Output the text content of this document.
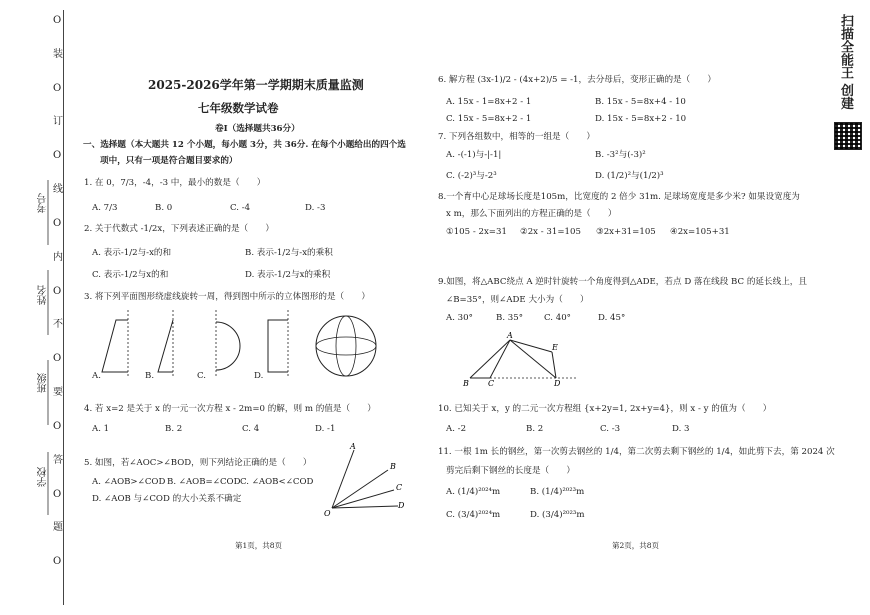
O
装
O
订
O
线
O
内
O
不
O
要
O
答
O
题
O
考号
姓名
班级
学校
扫描全能王 创建
2025-2026学年第一学期期末质量监测
七年级数学试卷
卷Ⅰ（选择题共36分）
一、选择题（本大题共 12 个小题，每小题 3分，共 36分. 在每个小题给出的四个选
项中，只有一项是符合题目要求的）
1. 在 0，7/3，-4，-3 中，最小的数是（　　）
A. 7/3	B. 0	C. -4	D. -3
2. 关于代数式 -1/2x，下列表述正确的是（　　）
A. 表示-1/2与-x的和	B. 表示-1/2与-x的乘积
C. 表示-1/2与x的和	D. 表示-1/2与x的乘积
3. 将下列平面图形绕虚线旋转一周，得到图中所示的立体图形的是（　　）
A.	B.	C.	D.
4. 若 x=2 是关于 x 的一元一次方程 x - 2m=0 的解，则 m 的值是（　　）
A. 1	B. 2	C. 4	D. -1
5. 如图，若∠AOC>∠BOD，则下列结论正确的是（　　）
A. ∠AOB>∠COD B. ∠AOB=∠COD C. ∠AOB<∠COD
D. ∠AOB 与∠COD 的大小关系不确定
A
B
C
D
O
第1页，共8页
6. 解方程 (3x-1)/2 - (4x+2)/5 = -1，去分母后，变形正确的是（　　）
A. 15x - 1=8x+2 - 1	B. 15x - 5=8x+4 - 10
C. 15x - 5=8x+2 - 1	D. 15x - 5=8x+2 - 10
7. 下列各组数中，相等的一组是（　　）
A. -(-1)与-|-1|	B. -3²与(-3)²
C. (-2)³与-2³	D. (1/2)²与(1/2)³
8.一个育中心足球场长度是105m，比宽度的 2 倍少 31m. 足球场宽度是多少米? 如果设宽度为
x m，那么下面列出的方程正确的是（　　）
①105 - 2x=31 ②2x - 31=105 ③2x+31=105 ④2x=105+31
9.如图，将△ABC绕点 A 逆时针旋转一个角度得到△ADE，若点 D 落在线段 BC 的延长线上，且
∠B=35°，则∠ADE 大小为（　　）
A. 30°	B. 35° C. 40°	D. 45°
A
E
B C	D
10. 已知关于 x，y 的二元一次方程组 {x+2y=1, 2x+y=4}，则 x - y 的值为（　　）
A. -2	B. 2	C. -3	D. 3
11. 一根 1m 长的钢丝，第一次剪去钢丝的 1/4，第二次剪去剩下钢丝的 1/4，如此剪下去，第 2024 次
剪完后剩下钢丝的长度是（　　）
A. (1/4)²⁰²⁴m	B. (1/4)²⁰²³m
C. (3/4)²⁰²⁴m	D. (3/4)²⁰²³m
第2页，共8页
